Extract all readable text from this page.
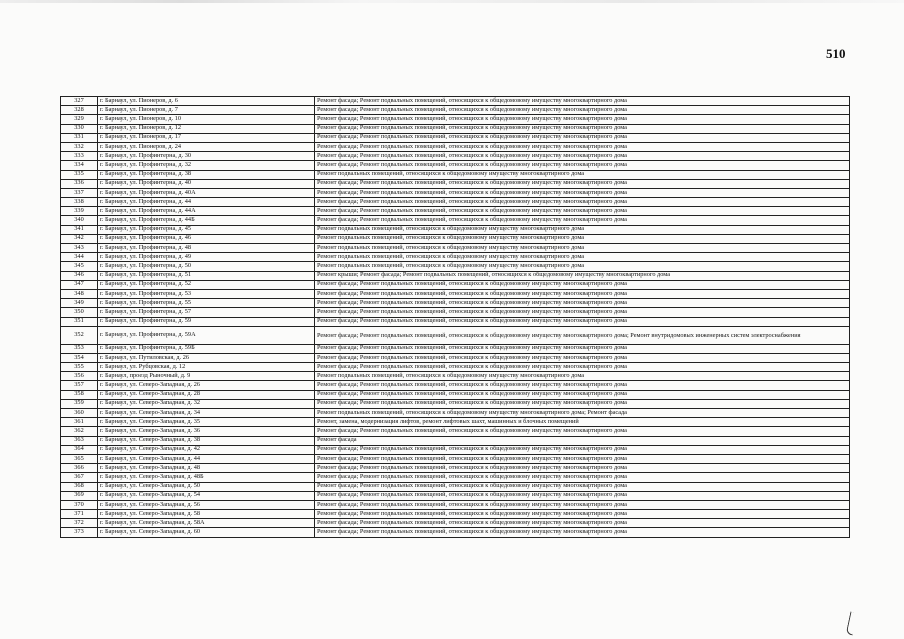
510
327	г. Барнаул, ул. Пионеров, д. 6	Ремонт фасада; Ремонт подвальных помещений, относящихся к общедомовому имуществу многоквартирного дома
328	г. Барнаул, ул. Пионеров, д. 7	Ремонт фасада; Ремонт подвальных помещений, относящихся к общедомовому имуществу многоквартирного дома
329	г. Барнаул, ул. Пионеров, д. 10	Ремонт фасада; Ремонт подвальных помещений, относящихся к общедомовому имуществу многоквартирного дома
330	г. Барнаул, ул. Пионеров, д. 12	Ремонт фасада; Ремонт подвальных помещений, относящихся к общедомовому имуществу многоквартирного дома
331	г. Барнаул, ул. Пионеров, д. 17	Ремонт фасада; Ремонт подвальных помещений, относящихся к общедомовому имуществу многоквартирного дома
332	г. Барнаул, ул. Пионеров, д. 24	Ремонт фасада; Ремонт подвальных помещений, относящихся к общедомовому имуществу многоквартирного дома
333	г. Барнаул, ул. Профинтерна, д. 30	Ремонт фасада; Ремонт подвальных помещений, относящихся к общедомовому имуществу многоквартирного дома
334	г. Барнаул, ул. Профинтерна, д. 32	Ремонт фасада; Ремонт подвальных помещений, относящихся к общедомовому имуществу многоквартирного дома
335	г. Барнаул, ул. Профинтерна, д. 38	Ремонт подвальных помещений, относящихся к общедомовому имуществу многоквартирного дома
336	г. Барнаул, ул. Профинтерна, д. 40	Ремонт фасада; Ремонт подвальных помещений, относящихся к общедомовому имуществу многоквартирного дома
337	г. Барнаул, ул. Профинтерна, д. 40А	Ремонт фасада; Ремонт подвальных помещений, относящихся к общедомовому имуществу многоквартирного дома
338	г. Барнаул, ул. Профинтерна, д. 44	Ремонт фасада; Ремонт подвальных помещений, относящихся к общедомовому имуществу многоквартирного дома
339	г. Барнаул, ул. Профинтерна, д. 44А	Ремонт фасада; Ремонт подвальных помещений, относящихся к общедомовому имуществу многоквартирного дома
340	г. Барнаул, ул. Профинтерна, д. 44Б	Ремонт фасада; Ремонт подвальных помещений, относящихся к общедомовому имуществу многоквартирного дома
341	г. Барнаул, ул. Профинтерна, д. 45	Ремонт подвальных помещений, относящихся к общедомовому имуществу многоквартирного дома
342	г. Барнаул, ул. Профинтерна, д. 46	Ремонт подвальных помещений, относящихся к общедомовому имуществу многоквартирного дома
343	г. Барнаул, ул. Профинтерна, д. 48	Ремонт подвальных помещений, относящихся к общедомовому имуществу многоквартирного дома
344	г. Барнаул, ул. Профинтерна, д. 49	Ремонт подвальных помещений, относящихся к общедомовому имуществу многоквартирного дома
345	г. Барнаул, ул. Профинтерна, д. 50	Ремонт подвальных помещений, относящихся к общедомовому имуществу многоквартирного дома
346	г. Барнаул, ул. Профинтерна, д. 51	Ремонт крыши; Ремонт фасада; Ремонт подвальных помещений, относящихся к общедомовому имуществу многоквартирного дома
347	г. Барнаул, ул. Профинтерна, д. 52	Ремонт фасада; Ремонт подвальных помещений, относящихся к общедомовому имуществу многоквартирного дома
348	г. Барнаул, ул. Профинтерна, д. 53	Ремонт фасада; Ремонт подвальных помещений, относящихся к общедомовому имуществу многоквартирного дома
349	г. Барнаул, ул. Профинтерна, д. 55	Ремонт фасада; Ремонт подвальных помещений, относящихся к общедомовому имуществу многоквартирного дома
350	г. Барнаул, ул. Профинтерна, д. 57	Ремонт фасада; Ремонт подвальных помещений, относящихся к общедомовому имуществу многоквартирного дома
351	г. Барнаул, ул. Профинтерна, д. 59	Ремонт фасада; Ремонт подвальных помещений, относящихся к общедомовому имуществу многоквартирного дома
352	г. Барнаул, ул. Профинтерна, д. 59А	Ремонт фасада; Ремонт подвальных помещений, относящихся к общедомовому имуществу многоквартирного дома; Ремонт внутридомовых инженерных систем электроснабжения
353	г. Барнаул, ул. Профинтерна, д. 59Б	Ремонт фасада; Ремонт подвальных помещений, относящихся к общедомовому имуществу многоквартирного дома
354	г. Барнаул, ул. Путиловская, д. 26	Ремонт фасада; Ремонт подвальных помещений, относящихся к общедомовому имуществу многоквартирного дома
355	г. Барнаул, ул. Рубцовская, д. 12	Ремонт фасада; Ремонт подвальных помещений, относящихся к общедомовому имуществу многоквартирного дома
356	г. Барнаул, проезд Рыночный, д. 9	Ремонт подвальных помещений, относящихся к общедомовому имуществу многоквартирного дома
357	г. Барнаул, ул. Северо-Западная, д. 26	Ремонт фасада; Ремонт подвальных помещений, относящихся к общедомовому имуществу многоквартирного дома
358	г. Барнаул, ул. Северо-Западная, д. 28	Ремонт фасада; Ремонт подвальных помещений, относящихся к общедомовому имуществу многоквартирного дома
359	г. Барнаул, ул. Северо-Западная, д. 32	Ремонт фасада; Ремонт подвальных помещений, относящихся к общедомовому имуществу многоквартирного дома
360	г. Барнаул, ул. Северо-Западная, д. 34	Ремонт подвальных помещений, относящихся к общедомовому имуществу многоквартирного дома; Ремонт фасада
361	г. Барнаул, ул. Северо-Западная, д. 35	Ремонт, замена, модернизация лифтов, ремонт лифтовых шахт, машинных и блочных помещений
362	г. Барнаул, ул. Северо-Западная, д. 36	Ремонт фасада; Ремонт подвальных помещений, относящихся к общедомовому имуществу многоквартирного дома
363	г. Барнаул, ул. Северо-Западная, д. 38	Ремонт фасада
364	г. Барнаул, ул. Северо-Западная, д. 42	Ремонт фасада; Ремонт подвальных помещений, относящихся к общедомовому имуществу многоквартирного дома
365	г. Барнаул, ул. Северо-Западная, д. 44	Ремонт фасада; Ремонт подвальных помещений, относящихся к общедомовому имуществу многоквартирного дома
366	г. Барнаул, ул. Северо-Западная, д. 48	Ремонт фасада; Ремонт подвальных помещений, относящихся к общедомовому имуществу многоквартирного дома
367	г. Барнаул, ул. Северо-Западная, д. 48Б	Ремонт фасада; Ремонт подвальных помещений, относящихся к общедомовому имуществу многоквартирного дома
368	г. Барнаул, ул. Северо-Западная, д. 50	Ремонт фасада; Ремонт подвальных помещений, относящихся к общедомовому имуществу многоквартирного дома
369	г. Барнаул, ул. Северо-Западная, д. 54	Ремонт фасада; Ремонт подвальных помещений, относящихся к общедомовому имуществу многоквартирного дома
370	г. Барнаул, ул. Северо-Западная, д. 56	Ремонт фасада; Ремонт подвальных помещений, относящихся к общедомовому имуществу многоквартирного дома
371	г. Барнаул, ул. Северо-Западная, д. 58	Ремонт фасада; Ремонт подвальных помещений, относящихся к общедомовому имуществу многоквартирного дома
372	г. Барнаул, ул. Северо-Западная, д. 58А	Ремонт фасада; Ремонт подвальных помещений, относящихся к общедомовому имуществу многоквартирного дома
373	г. Барнаул, ул. Северо-Западная, д. 60	Ремонт фасада; Ремонт подвальных помещений, относящихся к общедомовому имуществу многоквартирного дома
